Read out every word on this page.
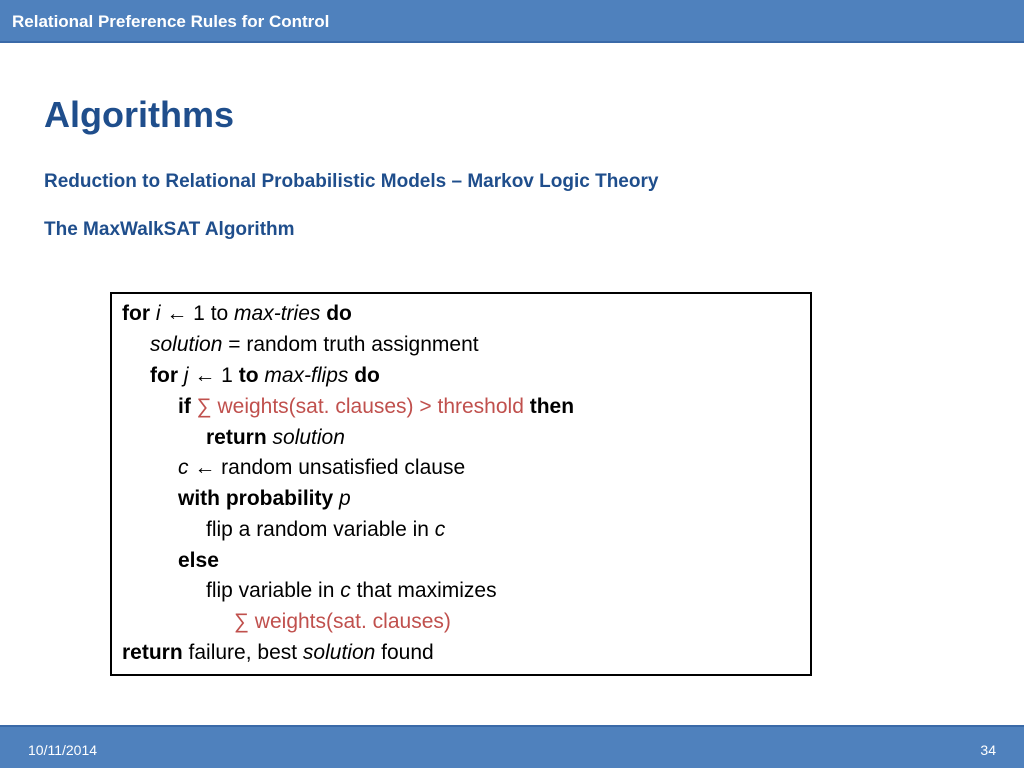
Relational Preference Rules for Control
Algorithms
Reduction to Relational Probabilistic Models – Markov Logic Theory
The MaxWalkSAT Algorithm
for i ← 1 to max-tries do
solution = random truth assignment
for j ← 1 to max-flips do
if ∑ weights(sat. clauses) > threshold then
return solution
c ← random unsatisfied clause
with probability p
flip a random variable in c
else
flip variable in c that maximizes
∑ weights(sat. clauses)
return failure, best solution found
10/11/2014	34
